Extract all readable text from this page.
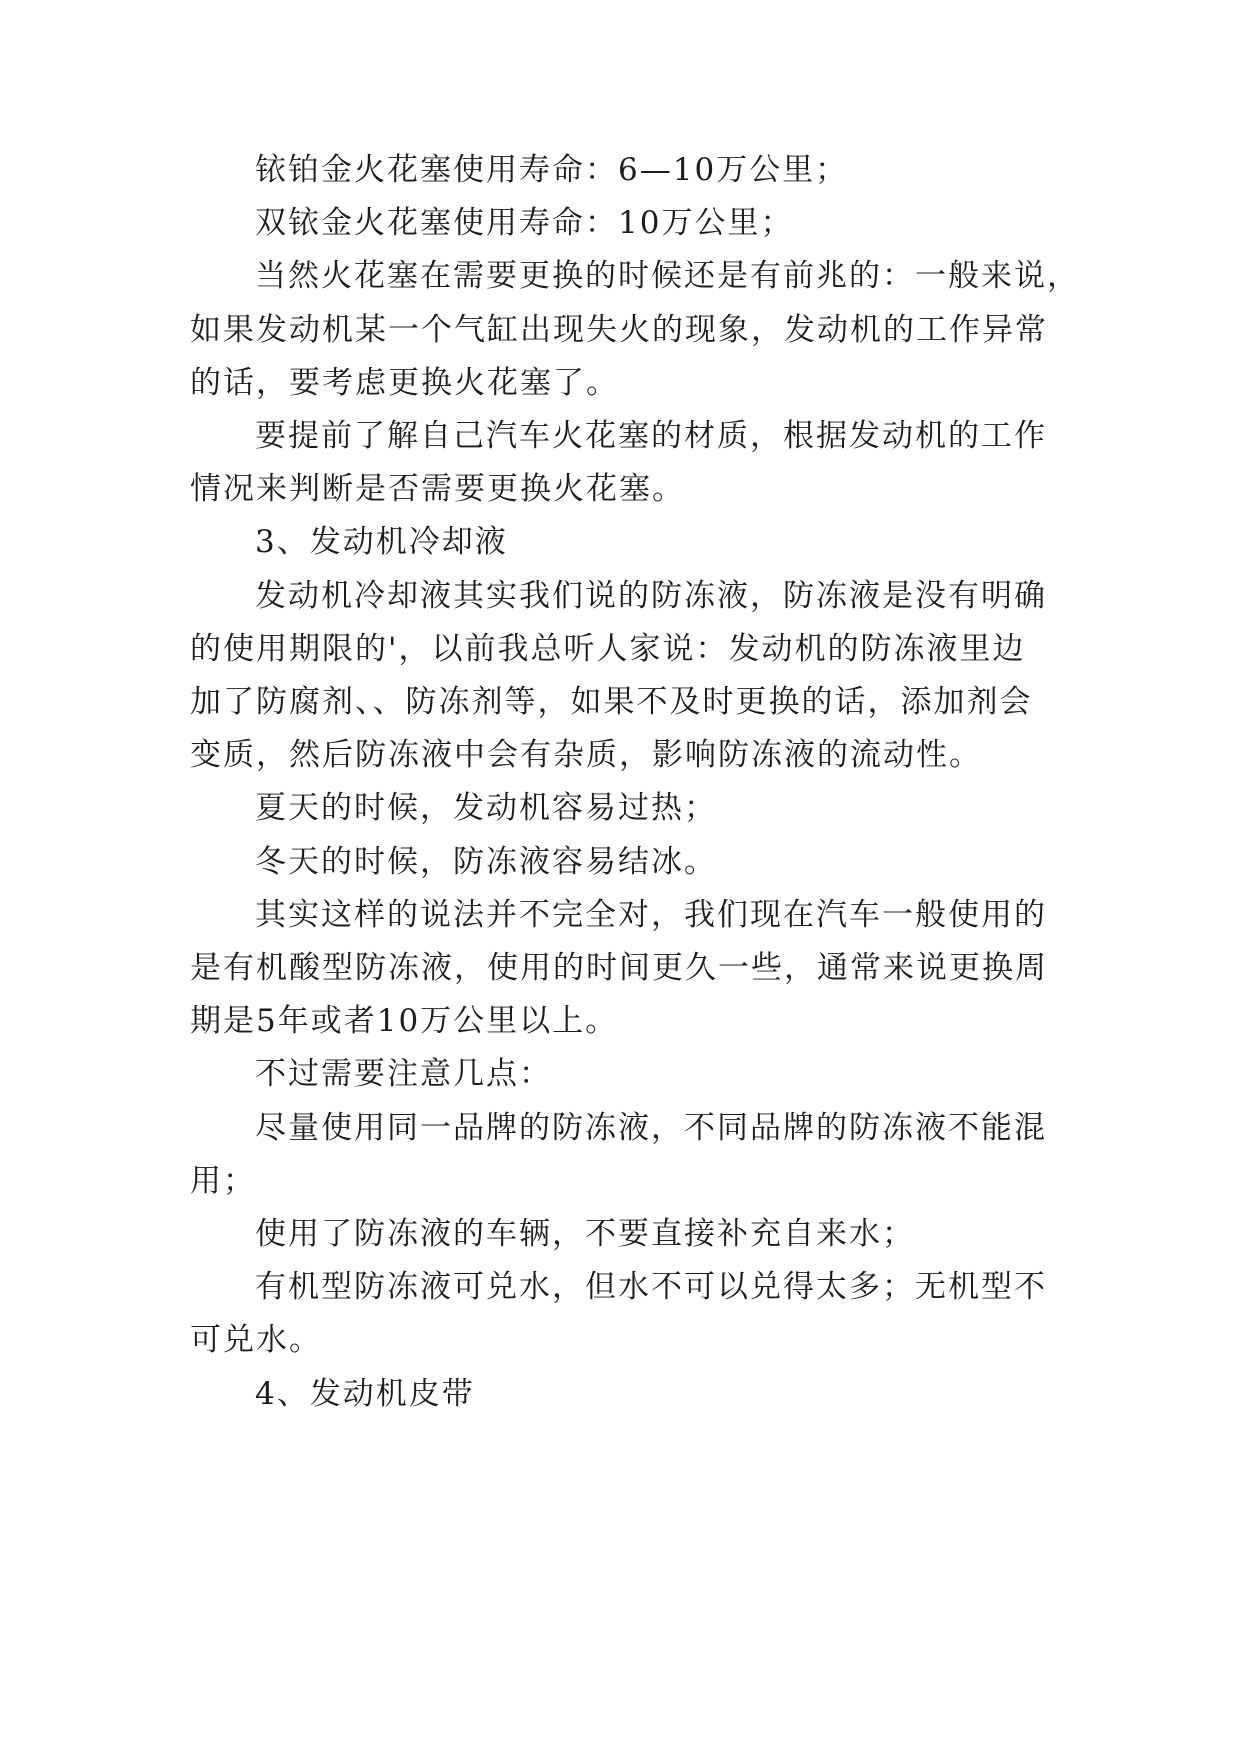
铱铂金火花塞使用寿命：6—10万公里；
双铱金火花塞使用寿命：10万公里；
当然火花塞在需要更换的时候还是有前兆的：一般来说，
如果发动机某一个气缸出现失火的现象，发动机的工作异常
的话，要考虑更换火花塞了。
要提前了解自己汽车火花塞的材质，根据发动机的工作
情况来判断是否需要更换火花塞。
3、发动机冷却液
发动机冷却液其实我们说的防冻液，防冻液是没有明确
的使用期限的'，以前我总听人家说：发动机的防冻液里边
加了防腐剂、、防冻剂等，如果不及时更换的话，添加剂会
变质，然后防冻液中会有杂质，影响防冻液的流动性。
夏天的时候，发动机容易过热；
冬天的时候，防冻液容易结冰。
其实这样的说法并不完全对，我们现在汽车一般使用的
是有机酸型防冻液，使用的时间更久一些，通常来说更换周
期是5年或者10万公里以上。
不过需要注意几点：
尽量使用同一品牌的防冻液，不同品牌的防冻液不能混
用；
使用了防冻液的车辆，不要直接补充自来水；
有机型防冻液可兑水，但水不可以兑得太多；无机型不
可兑水。
4、发动机皮带
